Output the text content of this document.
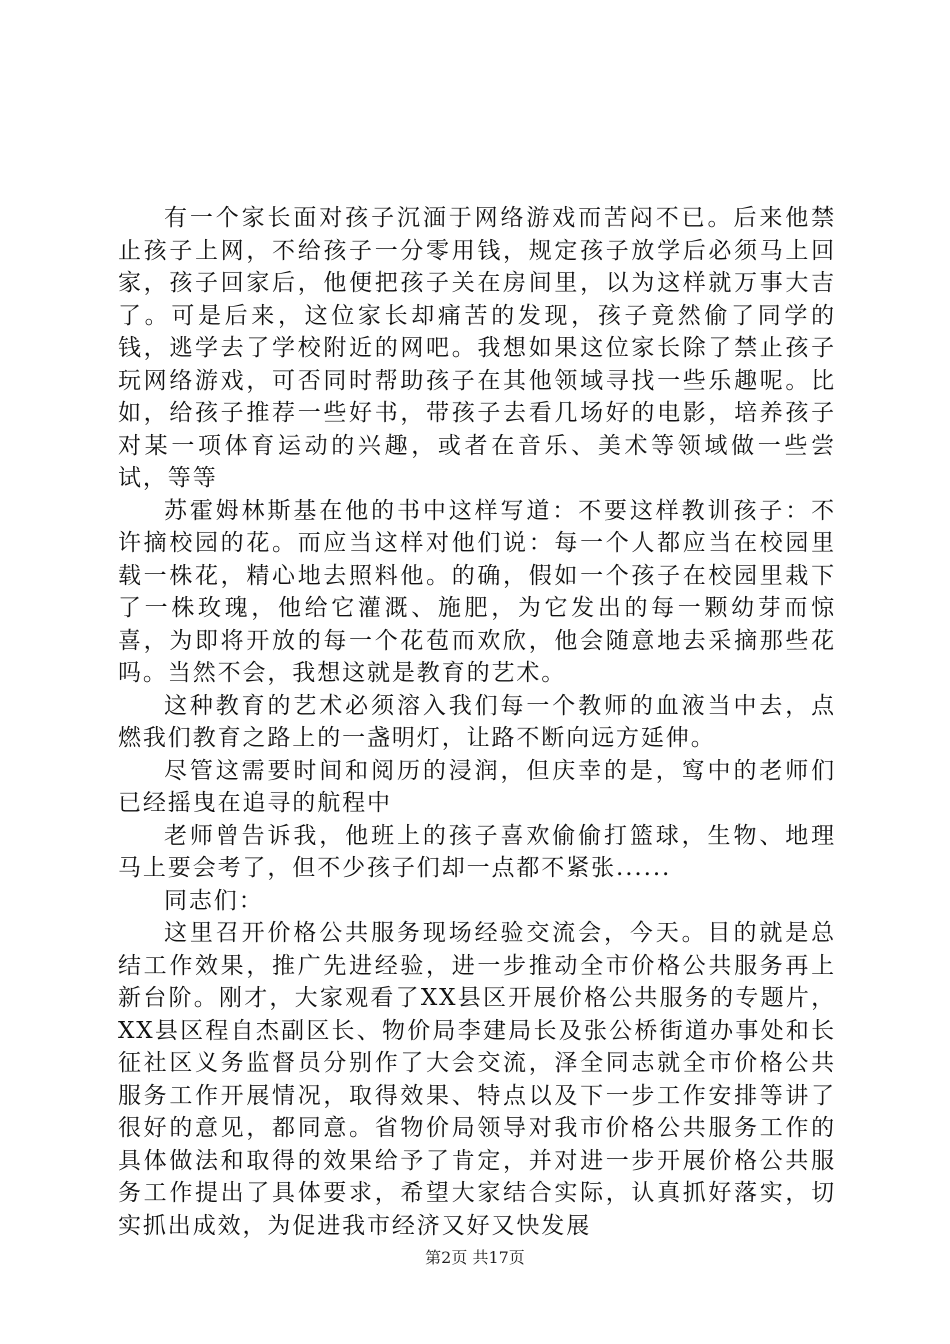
有一个家长面对孩子沉湎于网络游戏而苦闷不已。后来他禁止孩子上网，不给孩子一分零用钱，规定孩子放学后必须马上回家，孩子回家后，他便把孩子关在房间里，以为这样就万事大吉了。可是后来，这位家长却痛苦的发现，孩子竟然偷了同学的钱，逃学去了学校附近的网吧。我想如果这位家长除了禁止孩子玩网络游戏，可否同时帮助孩子在其他领域寻找一些乐趣呢。比如，给孩子推荐一些好书，带孩子去看几场好的电影，培养孩子对某一项体育运动的兴趣，或者在音乐、美术等领域做一些尝试，等等

苏霍姆林斯基在他的书中这样写道：不要这样教训孩子：不许摘校园的花。而应当这样对他们说：每一个人都应当在校园里载一株花，精心地去照料他。的确，假如一个孩子在校园里栽下了一株玫瑰，他给它灌溉、施肥，为它发出的每一颗幼芽而惊喜，为即将开放的每一个花苞而欢欣，他会随意地去采摘那些花吗。当然不会，我想这就是教育的艺术。

这种教育的艺术必须溶入我们每一个教师的血液当中去，点燃我们教育之路上的一盏明灯，让路不断向远方延伸。

尽管这需要时间和阅历的浸润，但庆幸的是，窎中的老师们已经摇曳在追寻的航程中

老师曾告诉我，他班上的孩子喜欢偷偷打篮球，生物、地理马上要会考了，但不少孩子们却一点都不紧张......

同志们：

这里召开价格公共服务现场经验交流会，今天。目的就是总结工作效果，推广先进经验，进一步推动全市价格公共服务再上新台阶。刚才，大家观看了XX县区开展价格公共服务的专题片，XX县区程自杰副区长、物价局李建局长及张公桥街道办事处和长征社区义务监督员分别作了大会交流，泽全同志就全市价格公共服务工作开展情况，取得效果、特点以及下一步工作安排等讲了很好的意见，都同意。省物价局领导对我市价格公共服务工作的具体做法和取得的效果给予了肯定，并对进一步开展价格公共服务工作提出了具体要求，希望大家结合实际，认真抓好落实，切实抓出成效，为促进我市经济又好又快发展

第2页 共17页
